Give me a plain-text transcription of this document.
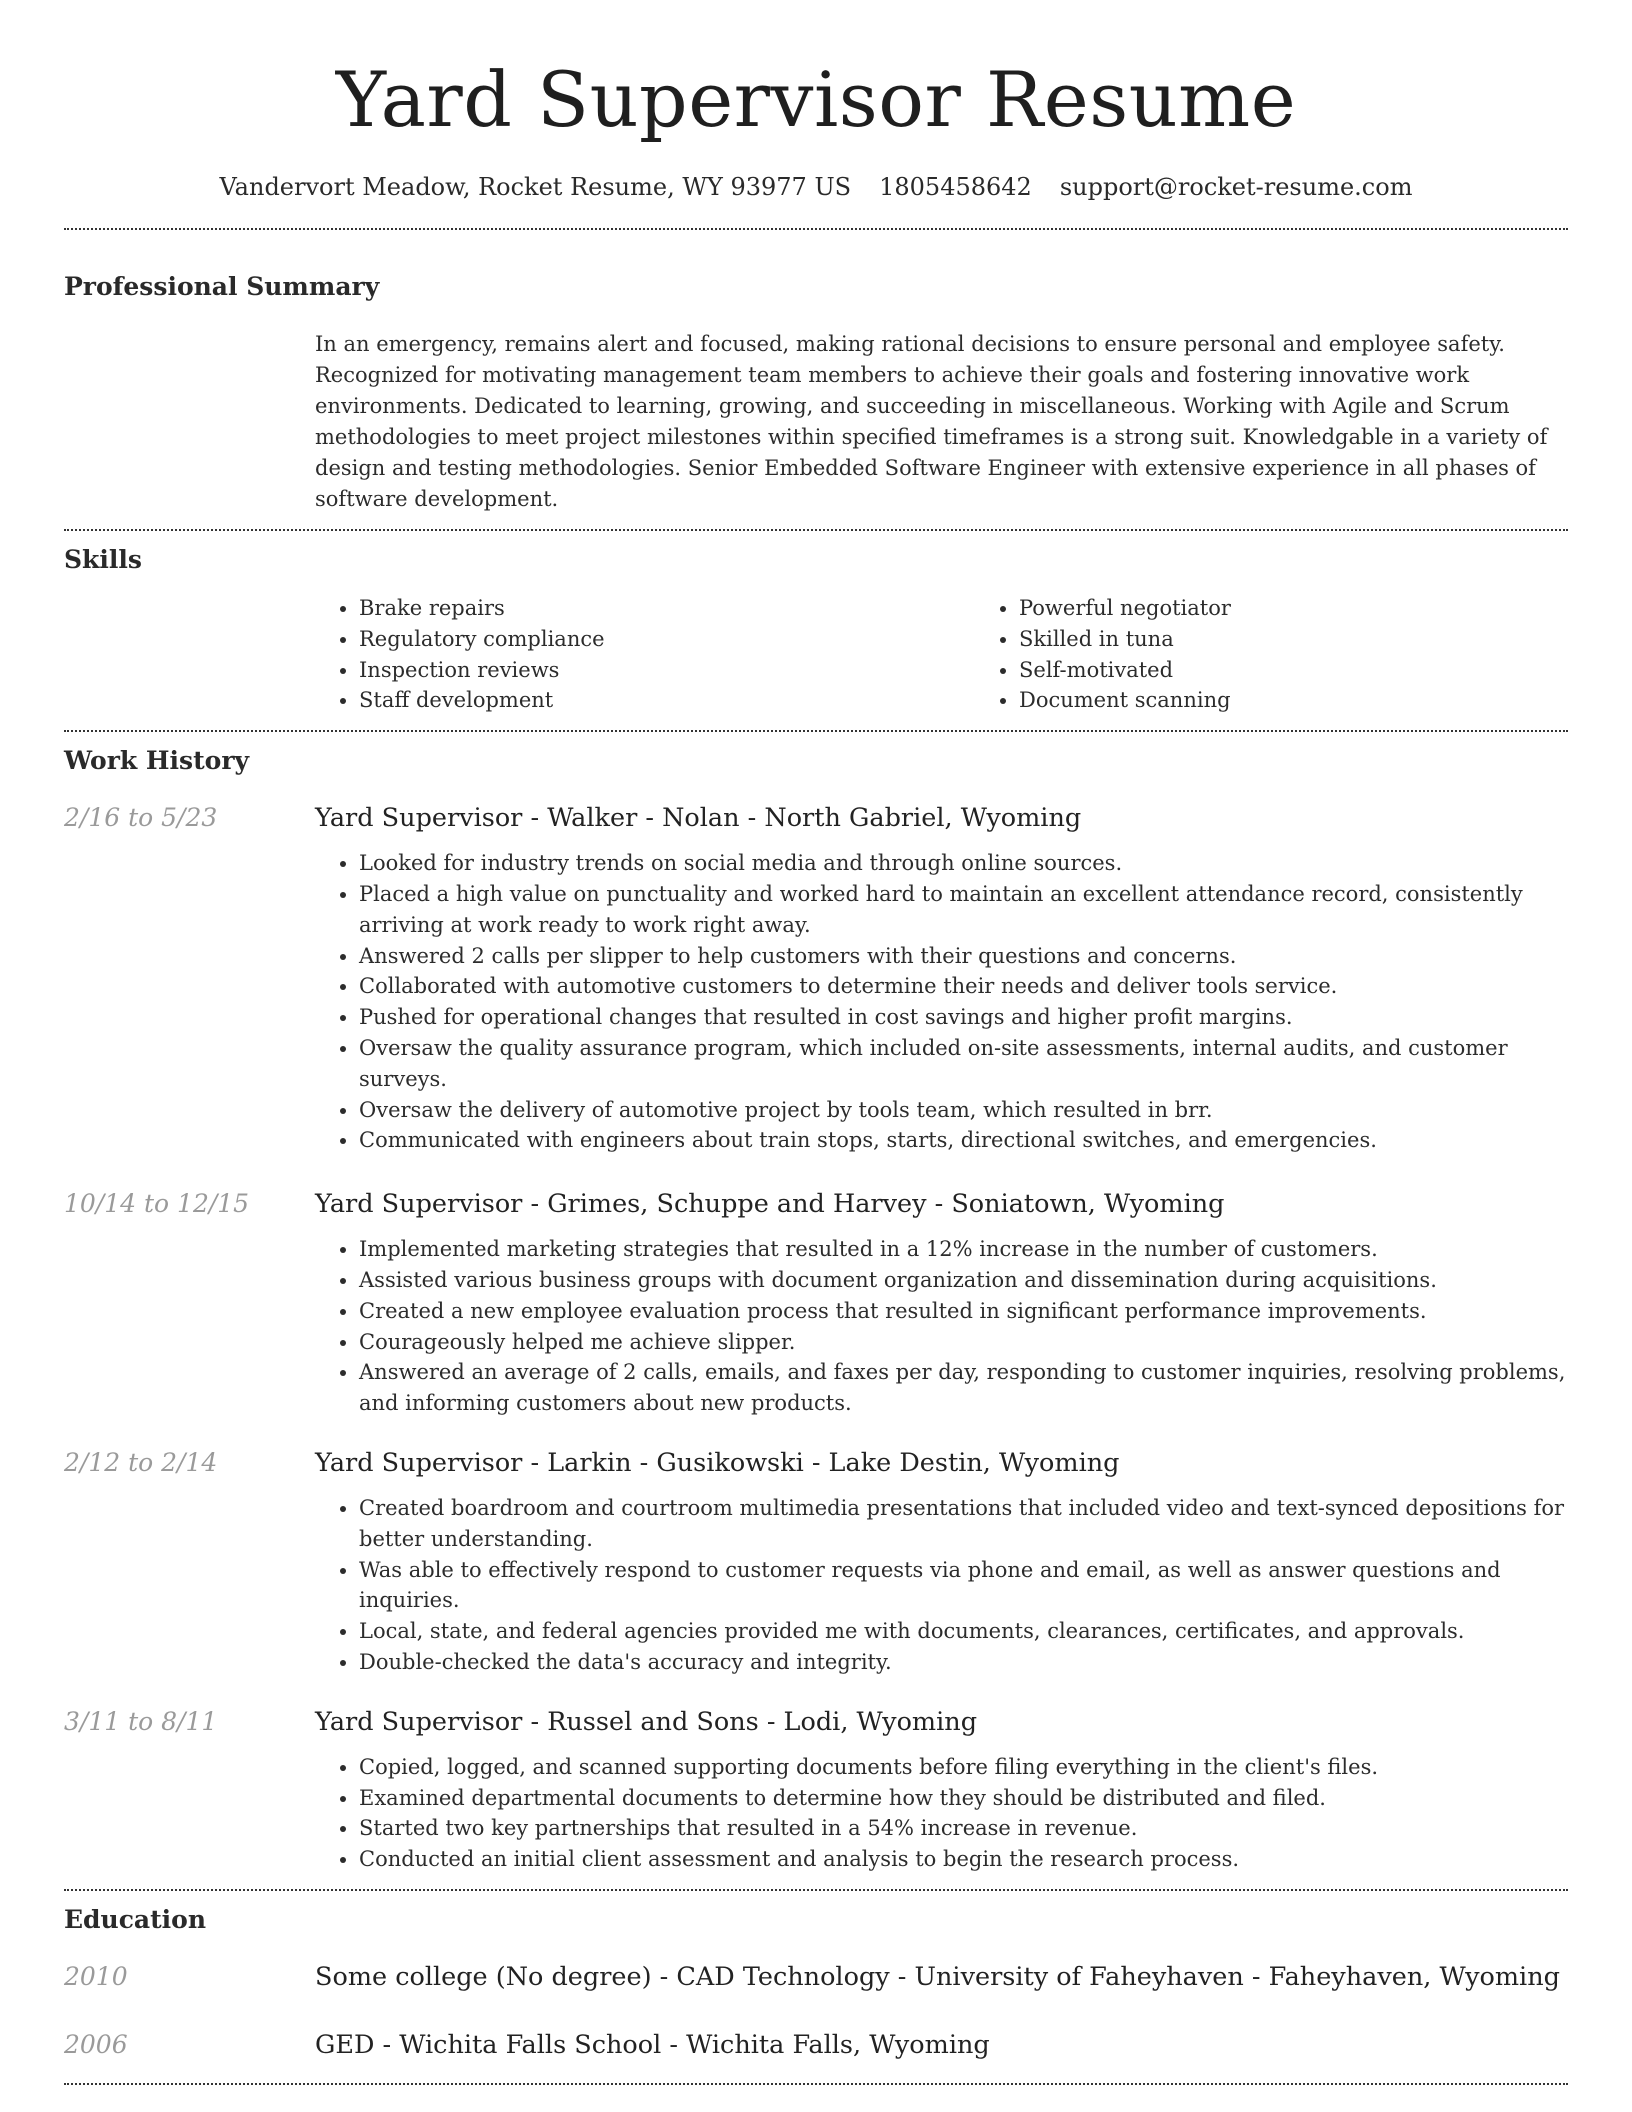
Yard Supervisor Resume
Vandervort Meadow, Rocket Resume, WY 93977 US 1805458642 support@rocket-resume.com
Professional Summary

In an emergency, remains alert and focused, making rational decisions to ensure personal and employee safety. Recognized for motivating management team members to achieve their goals and fostering innovative work environments. Dedicated to learning, growing, and succeeding in miscellaneous. Working with Agile and Scrum methodologies to meet project milestones within specified timeframes is a strong suit. Knowledgable in a variety of design and testing methodologies. Senior Embedded Software Engineer with extensive experience in all phases of software development.

Skills
• Brake repairs
• Regulatory compliance
• Inspection reviews
• Staff development
• Powerful negotiator
• Skilled in tuna
• Self-motivated
• Document scanning
Work History
2/16 to 5/23	Yard Supervisor - Walker - Nolan - North Gabriel, Wyoming
• Looked for industry trends on social media and through online sources.
• Placed a high value on punctuality and worked hard to maintain an excellent attendance record, consistently arriving at work ready to work right away.
• Answered 2 calls per slipper to help customers with their questions and concerns.
• Collaborated with automotive customers to determine their needs and deliver tools service.
• Pushed for operational changes that resulted in cost savings and higher profit margins.
• Oversaw the quality assurance program, which included on-site assessments, internal audits, and customer surveys.
• Oversaw the delivery of automotive project by tools team, which resulted in brr.
• Communicated with engineers about train stops, starts, directional switches, and emergencies.
10/14 to 12/15	Yard Supervisor - Grimes, Schuppe and Harvey - Soniatown, Wyoming
• Implemented marketing strategies that resulted in a 12% increase in the number of customers.
• Assisted various business groups with document organization and dissemination during acquisitions.
• Created a new employee evaluation process that resulted in significant performance improvements.
• Courageously helped me achieve slipper.
• Answered an average of 2 calls, emails, and faxes per day, responding to customer inquiries, resolving problems, and informing customers about new products.
2/12 to 2/14	Yard Supervisor - Larkin - Gusikowski - Lake Destin, Wyoming
• Created boardroom and courtroom multimedia presentations that included video and text-synced depositions for better understanding.
• Was able to effectively respond to customer requests via phone and email, as well as answer questions and inquiries.
• Local, state, and federal agencies provided me with documents, clearances, certificates, and approvals.
• Double-checked the data's accuracy and integrity.
3/11 to 8/11	Yard Supervisor - Russel and Sons - Lodi, Wyoming
• Copied, logged, and scanned supporting documents before filing everything in the client's files.
• Examined departmental documents to determine how they should be distributed and filed.
• Started two key partnerships that resulted in a 54% increase in revenue.
• Conducted an initial client assessment and analysis to begin the research process.
Education
2010	Some college (No degree) - CAD Technology - University of Faheyhaven - Faheyhaven, Wyoming
2006	GED - Wichita Falls School - Wichita Falls, Wyoming
